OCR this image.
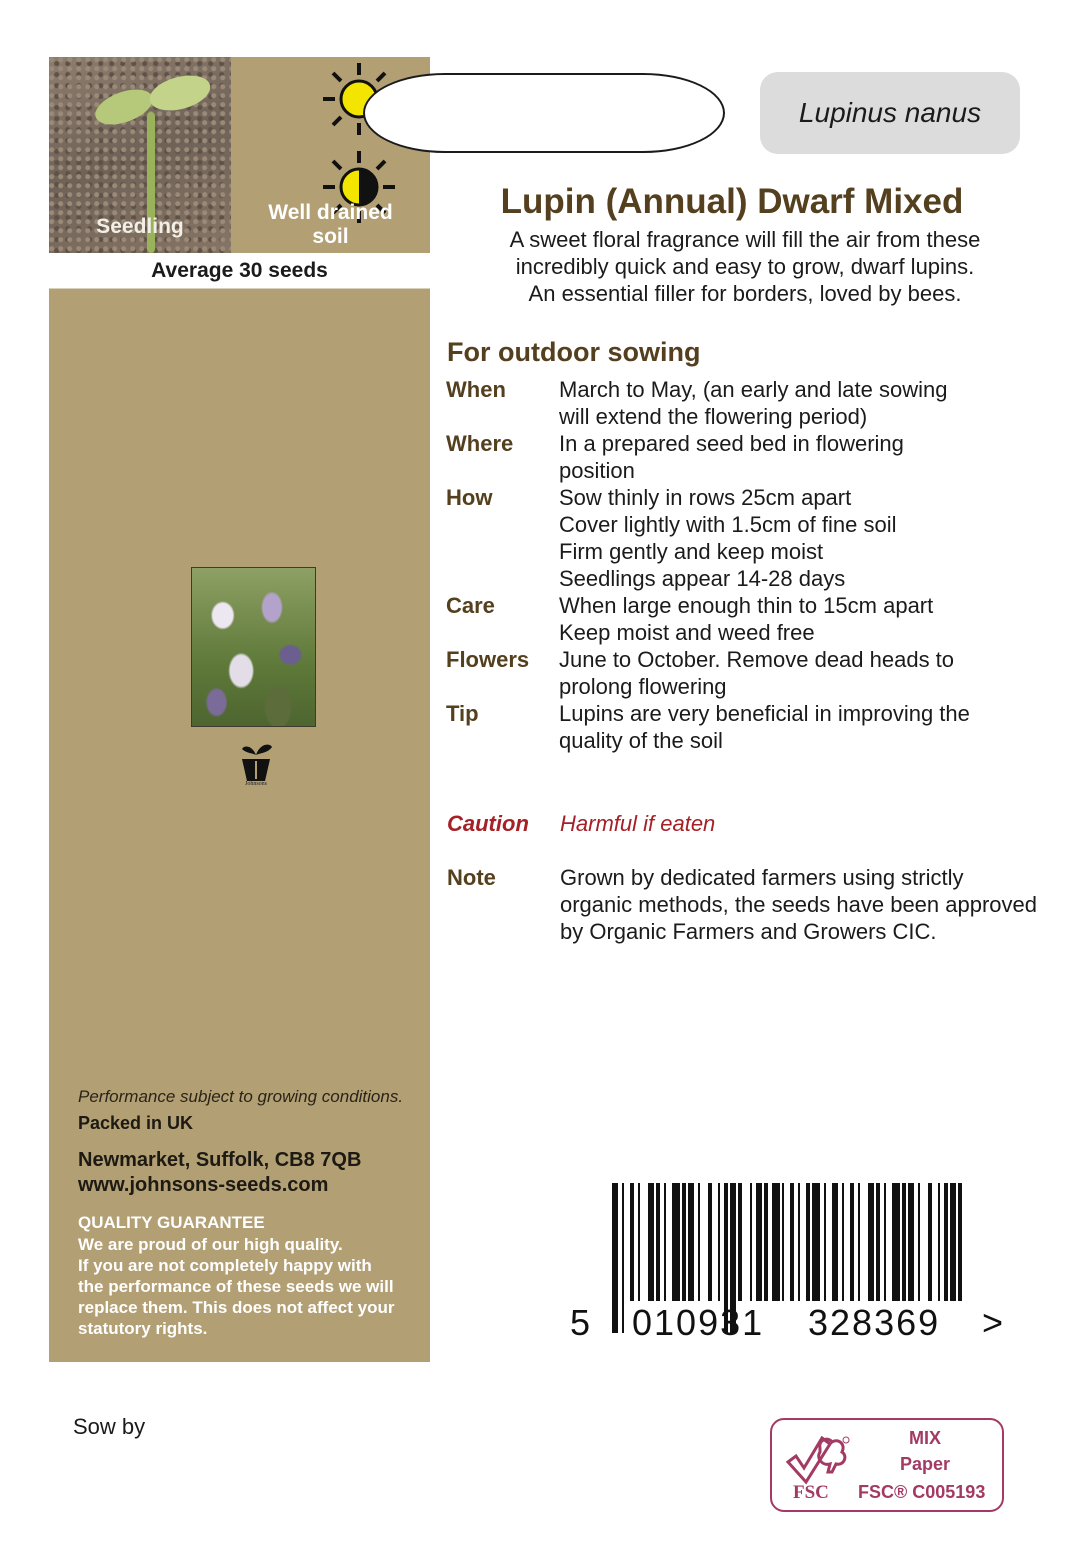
Seedling
Well drained
soil
Average 30 seeds
Johnsons
Performance subject to growing conditions.
Packed in UK
Newmarket, Suffolk, CB8 7QB
www.johnsons-seeds.com
QUALITY GUARANTEE
We are proud of our high quality.
If you are not completely happy with
the performance of these seeds we will
replace them. This does not affect your
statutory rights.
Lupinus nanus
Lupin (Annual) Dwarf Mixed
A sweet floral fragrance will fill the air from these
incredibly quick and easy to grow, dwarf lupins.
An essential filler for borders, loved by bees.
For outdoor sowing
When	March to May, (an early and late sowing
will extend the flowering period)
Where	In a prepared seed bed in flowering
position
How	Sow thinly in rows 25cm apart
Cover lightly with 1.5cm of fine soil
Firm gently and keep moist
Seedlings appear 14-28 days
Care	When large enough thin to 15cm apart
Keep moist and weed free
Flowers	June to October. Remove dead heads to
prolong flowering
Tip	Lupins are very beneficial in improving the
quality of the soil
Caution	Harmful if eaten
Note	Grown by dedicated farmers using strictly
organic methods, the seeds have been approved
by Organic Farmers and Growers CIC.
5 010931 328369 >
Sow by
FSC
MIX
Paper
FSC® C005193
